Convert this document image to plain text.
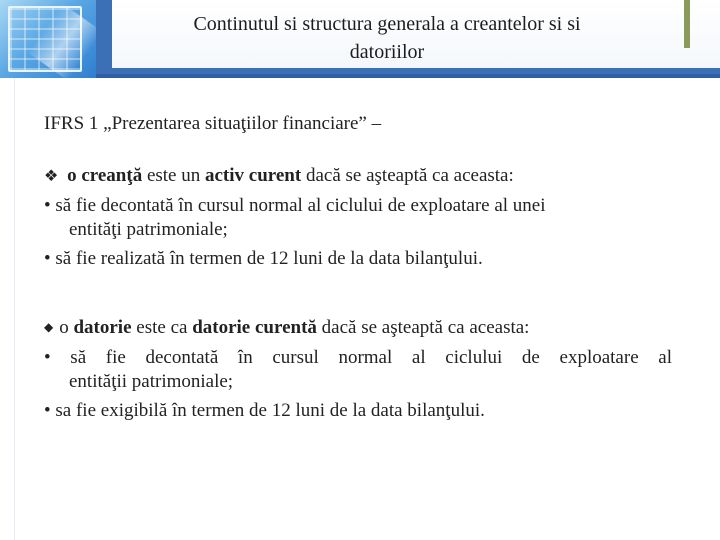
Continutul si structura generala a creantelor si si
datoriilor

IFRS 1 „Prezentarea situaţiilor financiare” –

❖ o creanţă este un activ curent dacă se aşteaptă ca aceasta:

• să fie decontată în cursul normal al ciclului de exploatare al unei

entităţi patrimoniale;

• să fie realizată în termen de 12 luni de la data bilanţului.

◆ o datorie este ca datorie curentă dacă se aşteaptă ca aceasta:

• să fie decontată în cursul normal al ciclului de exploatare al

entităţii patrimoniale;

• sa fie exigibilă în termen de 12 luni de la data bilanţului.
